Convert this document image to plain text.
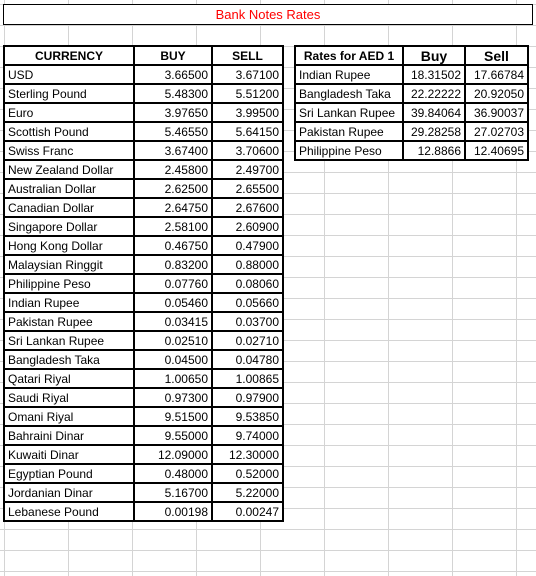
Bank Notes Rates
CURRENCY	BUY	SELL
USD	3.66500	3.67100
Sterling Pound	5.48300	5.51200
Euro	3.97650	3.99500
Scottish Pound	5.46550	5.64150
Swiss Franc	3.67400	3.70600
New Zealand Dollar	2.45800	2.49700
Australian Dollar	2.62500	2.65500
Canadian Dollar	2.64750	2.67600
Singapore Dollar	2.58100	2.60900
Hong Kong Dollar	0.46750	0.47900
Malaysian Ringgit	0.83200	0.88000
Philippine Peso	0.07760	0.08060
Indian Rupee	0.05460	0.05660
Pakistan Rupee	0.03415	0.03700
Sri Lankan Rupee	0.02510	0.02710
Bangladesh Taka	0.04500	0.04780
Qatari Riyal	1.00650	1.00865
Saudi Riyal	0.97300	0.97900
Omani Riyal	9.51500	9.53850
Bahraini Dinar	9.55000	9.74000
Kuwaiti Dinar	12.09000	12.30000
Egyptian Pound	0.48000	0.52000
Jordanian Dinar	5.16700	5.22000
Lebanese Pound	0.00198	0.00247
Rates for AED 1	Buy	Sell
Indian Rupee	18.31502	17.66784
Bangladesh Taka	22.22222	20.92050
Sri Lankan Rupee	39.84064	36.90037
Pakistan Rupee	29.28258	27.02703
Philippine Peso	12.8866	12.40695
